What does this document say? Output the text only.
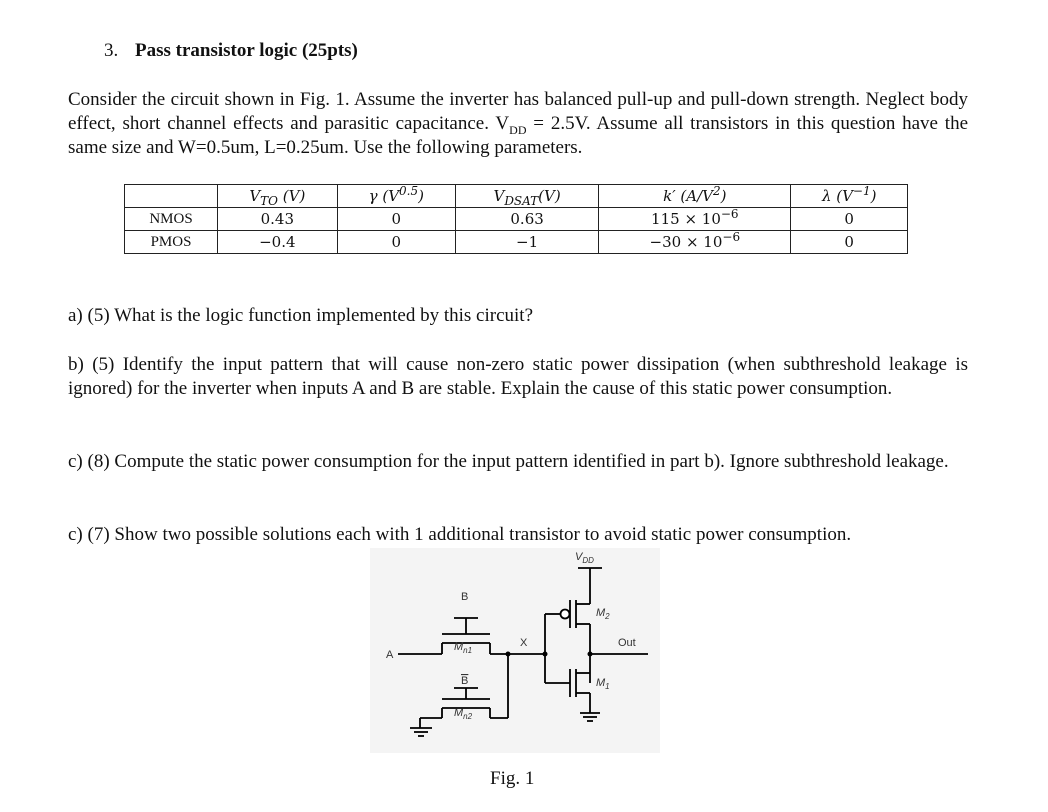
3. Pass transistor logic (25pts)
Consider the circuit shown in Fig. 1. Assume the inverter has balanced pull-up and pull-down strength. Neglect body effect, short channel effects and parasitic capacitance. $V_{DD} = 2.5V$. Assume all transistors in this question have the same size and W=0.5um, L=0.25um. Use the following parameters.
	$V_{TO}$ (V)	γ $(V^{0.5})$	$V_{DSAT}(V)$	k′ $(A/V^2)$	λ $(V^{-1})$
NMOS	0.43	0	0.63	$115 \times 10^{-6}$	0
PMOS	−0.4	0	−1	$-30 \times 10^{-6}$	0
a) (5) What is the logic function implemented by this circuit?
b) (5) Identify the input pattern that will cause non-zero static power dissipation (when subthreshold leakage is ignored) for the inverter when inputs A and B are stable. Explain the cause of this static power consumption.
c) (8) Compute the static power consumption for the input pattern identified in part b). Ignore subthreshold leakage.
c) (7) Show two possible solutions each with 1 additional transistor to avoid static power consumption.
$V_{DD}$
B
B
A
X	Out
$M_2$
$M_1$
$M_{n1}$
$M_{n2}$
Fig. 1
